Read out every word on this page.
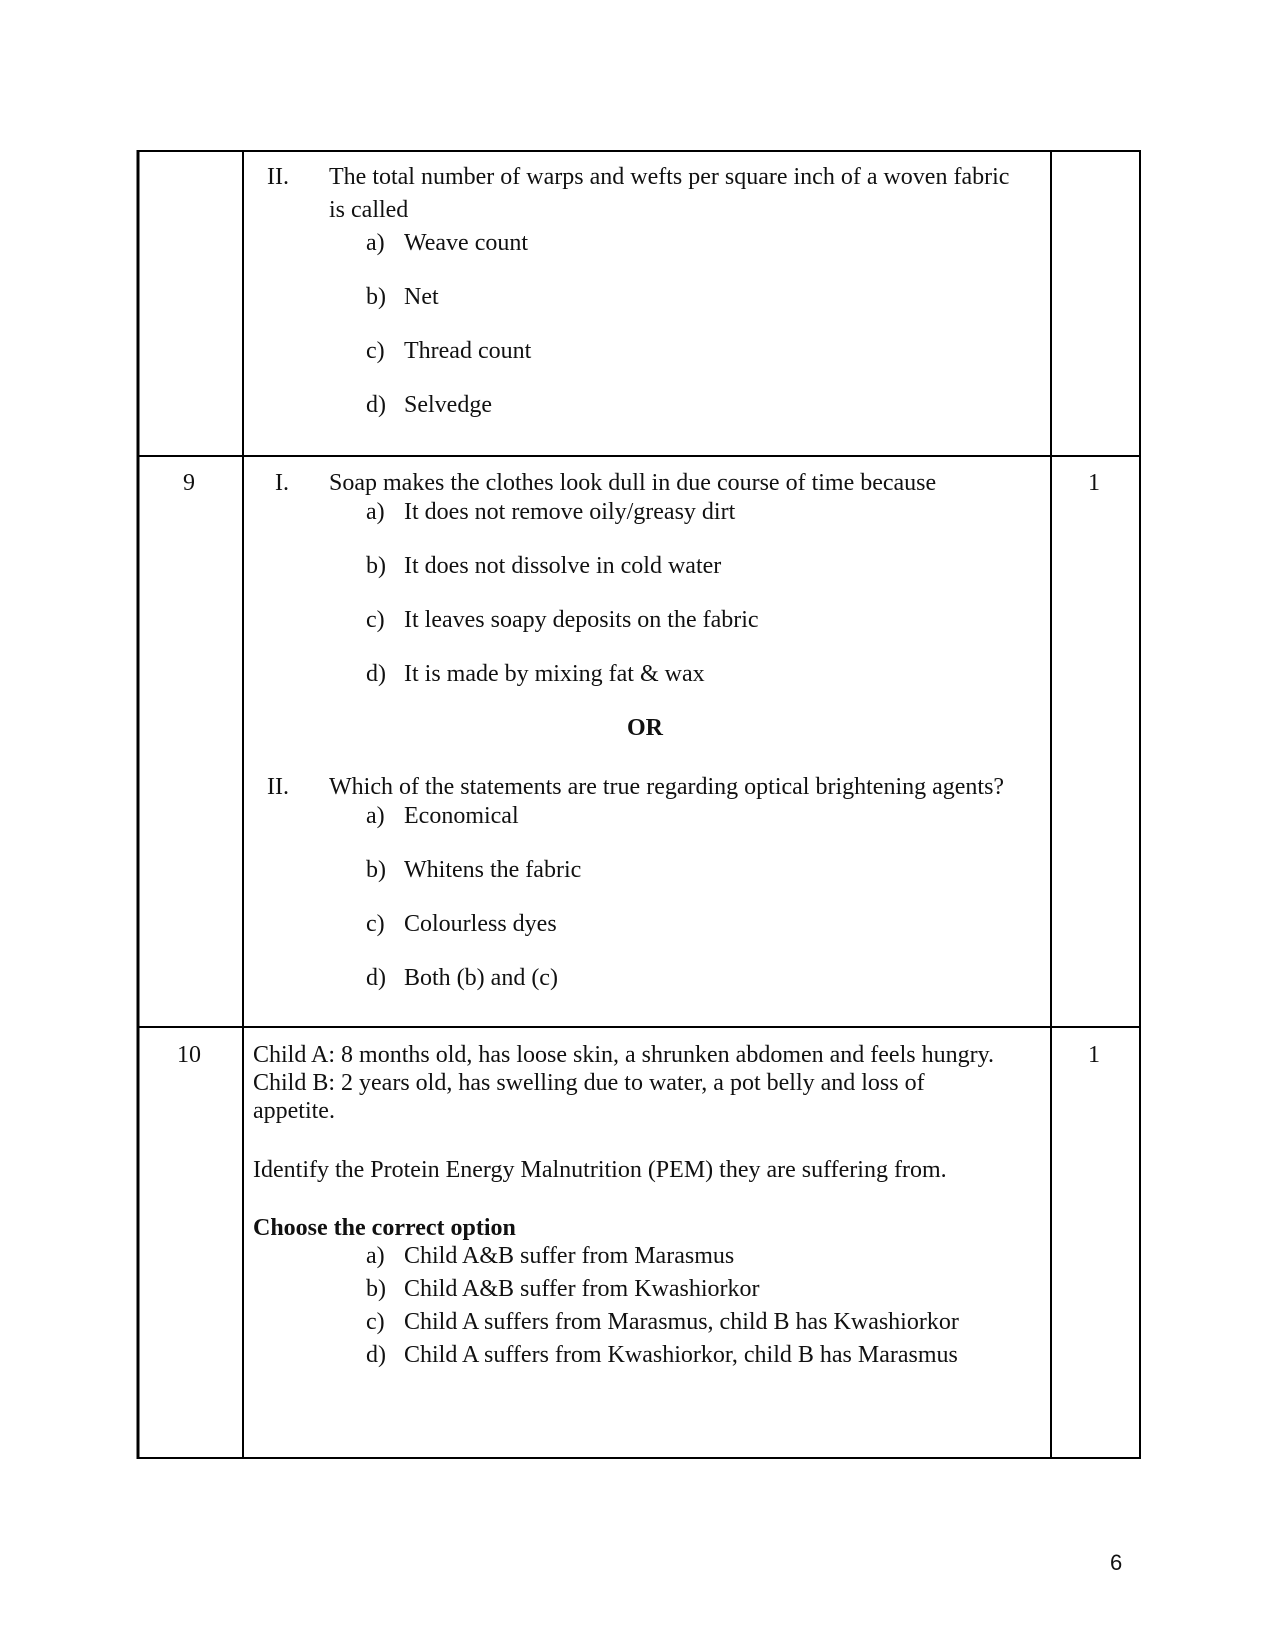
II. The total number of warps and wefts per square inch of a woven fabric
is called
a) Weave count
b) Net
c) Thread count
d) Selvedge
9	1
I. Soap makes the clothes look dull in due course of time because
a) It does not remove oily/greasy dirt
b) It does not dissolve in cold water
c) It leaves soapy deposits on the fabric
d) It is made by mixing fat & wax
OR
II. Which of the statements are true regarding optical brightening agents?
a) Economical
b) Whitens the fabric
c) Colourless dyes
d) Both (b) and (c)
10	1
Child A: 8 months old, has loose skin, a shrunken abdomen and feels hungry.
Child B: 2 years old, has swelling due to water, a pot belly and loss of
appetite.
Identify the Protein Energy Malnutrition (PEM) they are suffering from.
Choose the correct option
a) Child A&B suffer from Marasmus
b) Child A&B suffer from Kwashiorkor
c) Child A suffers from Marasmus, child B has Kwashiorkor
d) Child A suffers from Kwashiorkor, child B has Marasmus
6
